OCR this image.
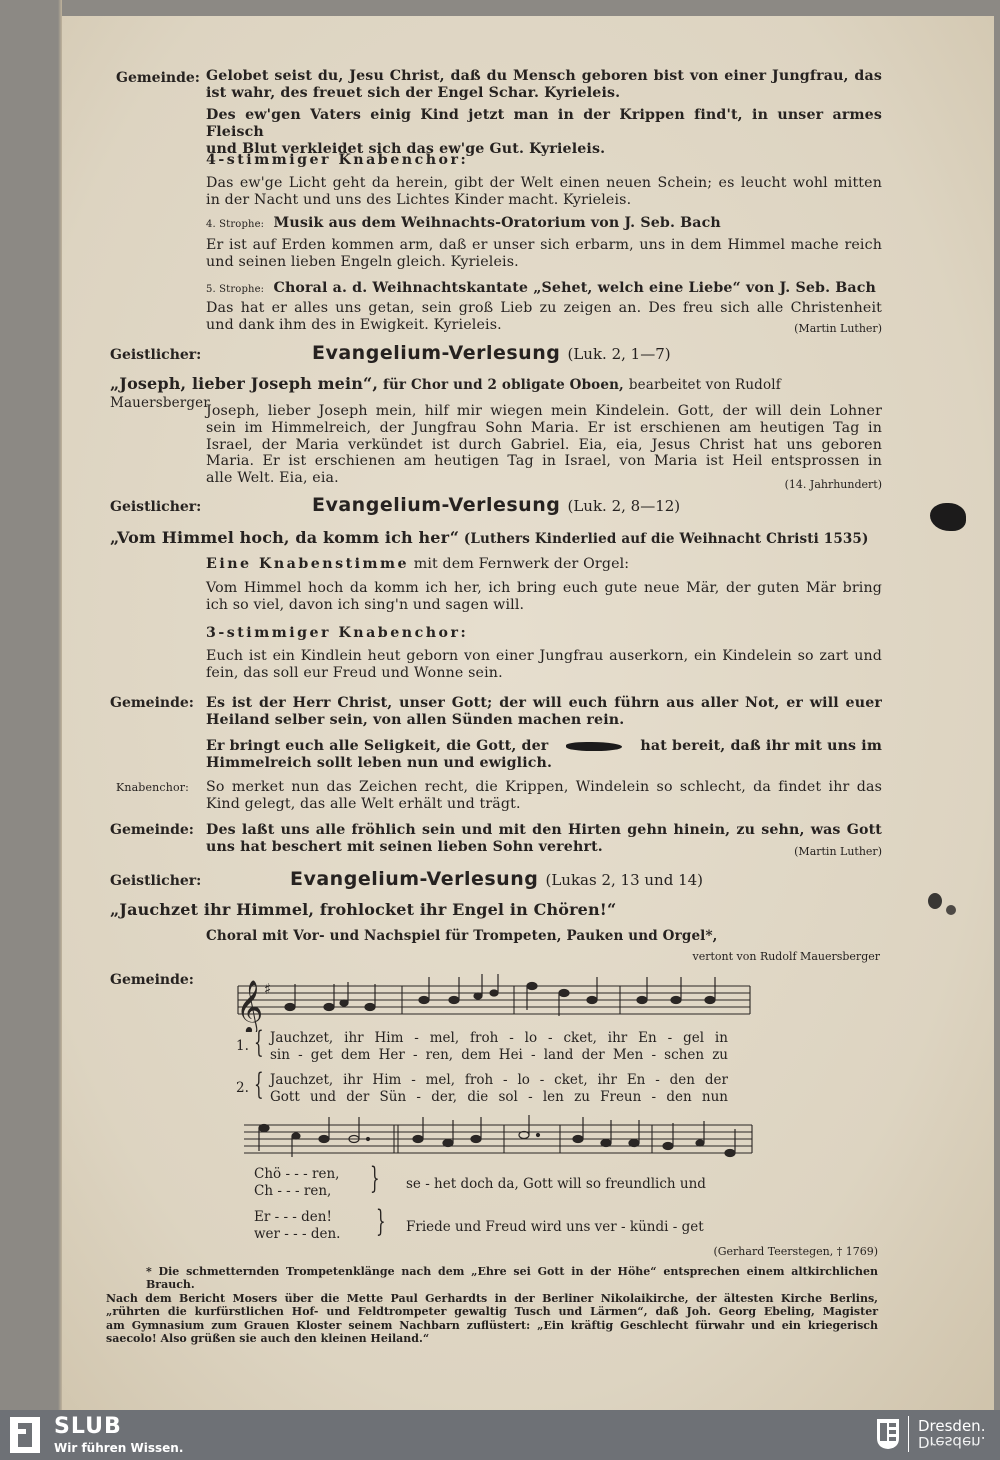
Gemeinde: Gelobet seist du, Jesu Christ, daß du Mensch geboren bist von einer Jungfrau, das
ist wahr, des freuet sich der Engel Schar. Kyrieleis.
Des ew'gen Vaters einig Kind jetzt man in der Krippen find't, in unser armes Fleisch
und Blut verkleidet sich das ew'ge Gut. Kyrieleis.
4-stimmiger Knabenchor:
Das ew'ge Licht geht da herein, gibt der Welt einen neuen Schein; es leucht wohl mitten
in der Nacht und uns des Lichtes Kinder macht. Kyrieleis.
4. Strophe: Musik aus dem Weihnachts-Oratorium von J. Seb. Bach
Er ist auf Erden kommen arm, daß er unser sich erbarm, uns in dem Himmel mache reich
und seinen lieben Engeln gleich. Kyrieleis.
5. Strophe: Choral a. d. Weihnachtskantate „Sehet, welch eine Liebe“ von J. Seb. Bach
Das hat er alles uns getan, sein groß Lieb zu zeigen an. Des freu sich alle Christenheit
und dank ihm des in Ewigkeit. Kyrieleis.	(Martin Luther)
Geistlicher:	Evangelium-Verlesung (Luk. 2, 1—7)
„Joseph, lieber Joseph mein“, für Chor und 2 obligate Oboen, bearbeitet von Rudolf Mauersberger
Joseph, lieber Joseph mein, hilf mir wiegen mein Kindelein. Gott, der will dein Lohner
sein im Himmelreich, der Jungfrau Sohn Maria. Er ist erschienen am heutigen Tag in
Israel, der Maria verkündet ist durch Gabriel. Eia, eia, Jesus Christ hat uns geboren
Maria. Er ist erschienen am heutigen Tag in Israel, von Maria ist Heil entsprossen in
alle Welt. Eia, eia.	(14. Jahrhundert)
Geistlicher:	Evangelium-Verlesung (Luk. 2, 8—12)
„Vom Himmel hoch, da komm ich her“ (Luthers Kinderlied auf die Weihnacht Christi 1535)
Eine Knabenstimme mit dem Fernwerk der Orgel:
Vom Himmel hoch da komm ich her, ich bring euch gute neue Mär, der guten Mär bring
ich so viel, davon ich sing'n und sagen will.
3-stimmiger Knabenchor:
Euch ist ein Kindlein heut geborn von einer Jungfrau auserkorn, ein Kindelein so zart und
fein, das soll eur Freud und Wonne sein.
Gemeinde: Es ist der Herr Christ, unser Gott; der will euch führn aus aller Not, er will euer
Heiland selber sein, von allen Sünden machen rein.
Er bringt euch alle Seligkeit, die Gott, der	hat bereit, daß ihr mit uns im
Himmelreich sollt leben nun und ewiglich.
Knabenchor: So merket nun das Zeichen recht, die Krippen, Windelein so schlecht, da findet ihr das
Kind gelegt, das alle Welt erhält und trägt.
Gemeinde: Des laßt uns alle fröhlich sein und mit den Hirten gehn hinein, zu sehn, was Gott
uns hat beschert mit seinen lieben Sohn verehrt.	(Martin Luther)
Geistlicher:	Evangelium-Verlesung (Lukas 2, 13 und 14)
„Jauchzet ihr Himmel, frohlocket ihr Engel in Chören!“
Choral mit Vor- und Nachspiel für Trompeten, Pauken und Orgel*,
vertont von Rudolf Mauersberger
Gemeinde: 𝄞 ♯
1. { Jauchzet, ihr Him - mel, froh - lo - cket, ihr En - gel in
sin - get dem Her - ren, dem Hei - land der Men - schen zu
2. { Jauchzet, ihr Him - mel, froh - lo - cket, ihr En - den der
Gott und der Sün - der, die sol - len zu Freun - den nun
Chö - - - ren,
Ch - - - ren, } se - het doch da, Gott will so freundlich und
Er - - - den!
wer - - - den. } Friede und Freud wird uns ver - kündi - get
(Gerhard Teerstegen, † 1769)
* Die schmetternden Trompetenklänge nach dem „Ehre sei Gott in der Höhe“ entsprechen einem altkirchlichen Brauch.
Nach dem Bericht Mosers über die Mette Paul Gerhardts in der Berliner Nikolaikirche, der ältesten Kirche Berlins,
„rührten die kurfürstlichen Hof- und Feldtrompeter gewaltig Tusch und Lärmen“, daß Joh. Georg Ebeling, Magister
am Gymnasium zum Grauen Kloster seinem Nachbarn zuflüstert: „Ein kräftig Geschlecht fürwahr und ein kriegerisch
saecolo! Also grüßen sie auch den kleinen Heiland.“
SLUB
Wir führen Wissen.
Dresden.
Dresden.
